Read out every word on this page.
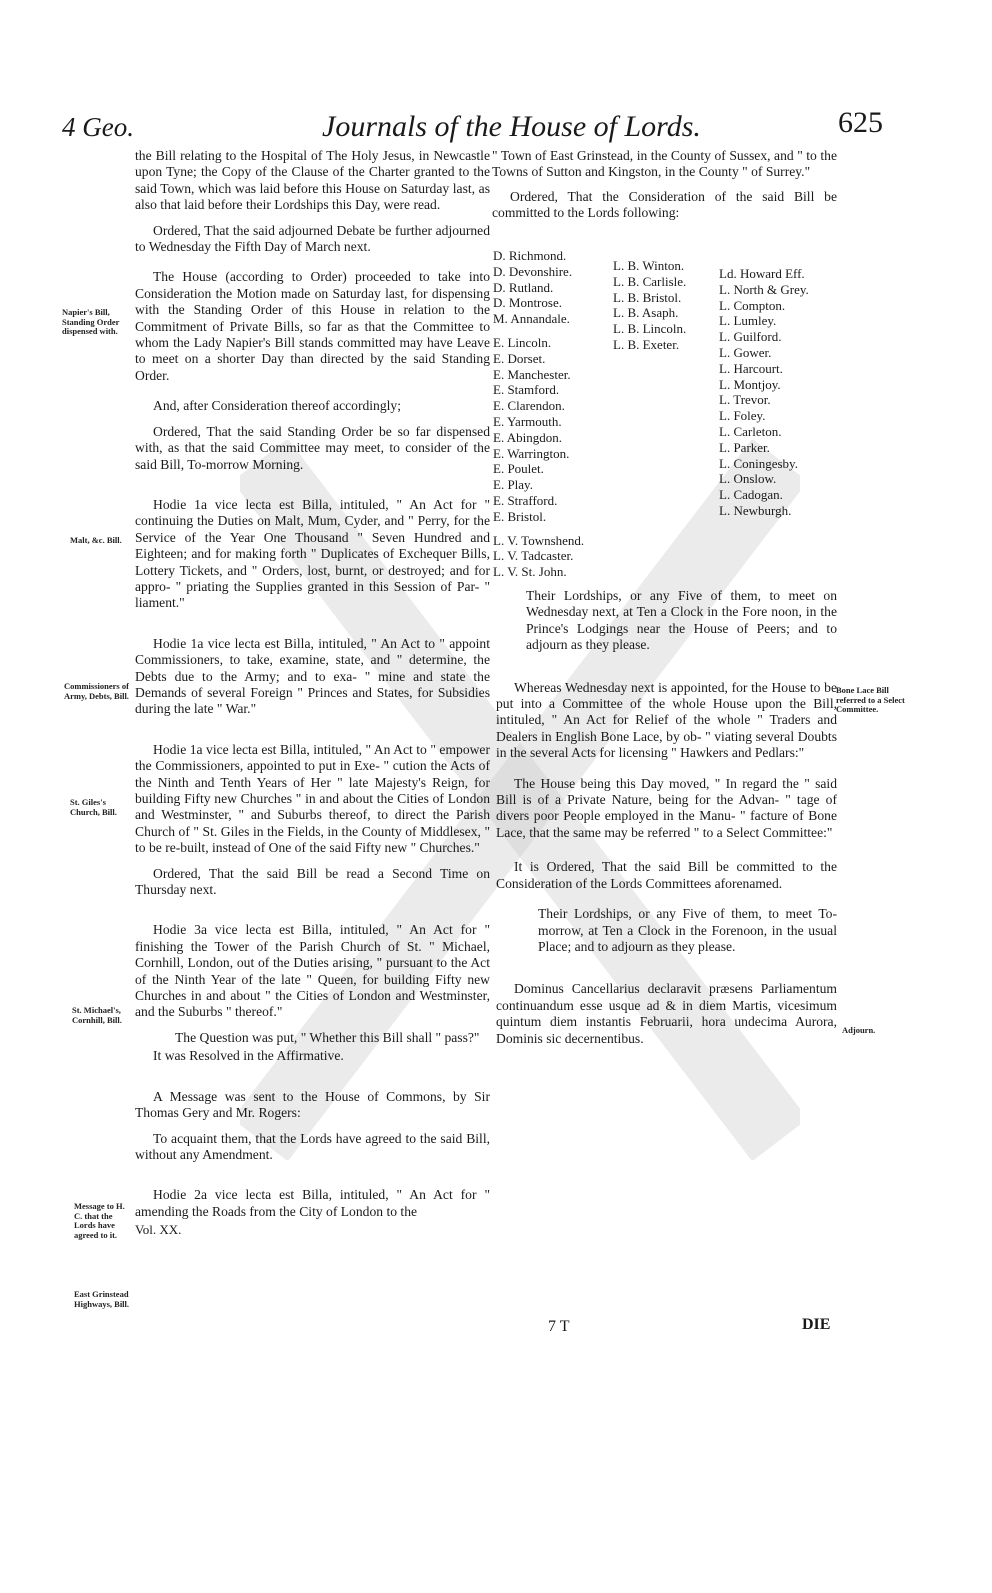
4 Geo.	Journals of the House of Lords.	625

the Bill relating to the Hospital of The Holy Jesus, in Newcastle upon Tyne; the Copy of the Clause of the Charter granted to the said Town, which was laid before this House on Saturday last, as also that laid before their Lordships this Day, were read.

Ordered, That the said adjourned Debate be further adjourned to Wednesday the Fifth Day of March next.

The House (according to Order) proceeded to take into Consideration the Motion made on Saturday last, for dispensing with the Standing Order of this House in relation to the Commitment of Private Bills, so far as that the Committee to whom the Lady Napier's Bill stands committed may have Leave to meet on a shorter Day than directed by the said Standing Order.

And, after Consideration thereof accordingly;

Ordered, That the said Standing Order be so far dispensed with, as that the said Committee may meet, to consider of the said Bill, To-morrow Morning.

Hodie 1a vice lecta est Billa, intituled, " An Act for " continuing the Duties on Malt, Mum, Cyder, and " Perry, for the Service of the Year One Thousand " Seven Hundred and Eighteen; and for making forth " Duplicates of Exchequer Bills, Lottery Tickets, and " Orders, lost, burnt, or destroyed; and for appro- " priating the Supplies granted in this Session of Par- " liament."

Hodie 1a vice lecta est Billa, intituled, " An Act to " appoint Commissioners, to take, examine, state, and " determine, the Debts due to the Army; and to exa- " mine and state the Demands of several Foreign " Princes and States, for Subsidies during the late " War."

Hodie 1a vice lecta est Billa, intituled, " An Act to " empower the Commissioners, appointed to put in Exe- " cution the Acts of the Ninth and Tenth Years of Her " late Majesty's Reign, for building Fifty new Churches " in and about the Cities of London and Westminster, " and Suburbs thereof, to direct the Parish Church of " St. Giles in the Fields, in the County of Middlesex, " to be re-built, instead of One of the said Fifty new " Churches."

Ordered, That the said Bill be read a Second Time on Thursday next.

Hodie 3a vice lecta est Billa, intituled, " An Act for " finishing the Tower of the Parish Church of St. " Michael, Cornhill, London, out of the Duties arising, " pursuant to the Act of the Ninth Year of the late " Queen, for building Fifty new Churches in and about " the Cities of London and Westminster, and the Suburbs " thereof."

The Question was put, " Whether this Bill shall " pass?"

It was Resolved in the Affirmative.

A Message was sent to the House of Commons, by Sir Thomas Gery and Mr. Rogers:

To acquaint them, that the Lords have agreed to the said Bill, without any Amendment.

Hodie 2a vice lecta est Billa, intituled, " An Act for " amending the Roads from the City of London to the

Vol. XX.
Napier's Bill, Standing Order dispensed with.
Malt, &c. Bill.
Commissioners of Army, Debts, Bill.
St. Giles's Church, Bill.
St. Michael's, Cornhill, Bill.
Message to H. C. that the Lords have agreed to it.
East Grinstead Highways, Bill.
Bone Lace Bill referred to a Select Committee.
Adjourn.

" Town of East Grinstead, in the County of Sussex, and " to the Towns of Sutton and Kingston, in the County " of Surrey."

Ordered, That the Consideration of the said Bill be committed to the Lords following:

D. Richmond.
D. Devonshire.
D. Rutland.
D. Montrose.
M. Annandale.
E. Lincoln.
E. Dorset.
E. Manchester.
E. Stamford.
E. Clarendon.
E. Yarmouth.
E. Abingdon.
E. Warrington.
E. Poulet.
E. Play.
E. Strafford.
E. Bristol.
L. V. Townshend.
L. V. Tadcaster.
L. V. St. John.
L. B. Winton.
L. B. Carlisle.
L. B. Bristol.
L. B. Asaph.
L. B. Lincoln.
L. B. Exeter.
Ld. Howard Eff.
L. North & Grey.
L. Compton.
L. Lumley.
L. Guilford.
L. Gower.
L. Harcourt.
L. Montjoy.
L. Trevor.
L. Foley.
L. Carleton.
L. Parker.
L. Coningesby.
L. Onslow.
L. Cadogan.
L. Newburgh.

Their Lordships, or any Five of them, to meet on Wednesday next, at Ten a Clock in the Fore noon, in the Prince's Lodgings near the House of Peers; and to adjourn as they please.

Whereas Wednesday next is appointed, for the House to be put into a Committee of the whole House upon the Bill, intituled, " An Act for Relief of the whole " Traders and Dealers in English Bone Lace, by ob- " viating several Doubts in the several Acts for licensing " Hawkers and Pedlars:"

The House being this Day moved, " In regard the " said Bill is of a Private Nature, being for the Advan- " tage of divers poor People employed in the Manu- " facture of Bone Lace, that the same may be referred " to a Select Committee:"

It is Ordered, That the said Bill be committed to the Consideration of the Lords Committees aforenamed.

Their Lordships, or any Five of them, to meet To-morrow, at Ten a Clock in the Forenoon, in the usual Place; and to adjourn as they please.

Dominus Cancellarius declaravit præsens Parliamentum continuandum esse usque ad & in diem Martis, vicesimum quintum diem instantis Februarii, hora undecima Aurora, Dominis sic decernentibus.

7 T	DIE
